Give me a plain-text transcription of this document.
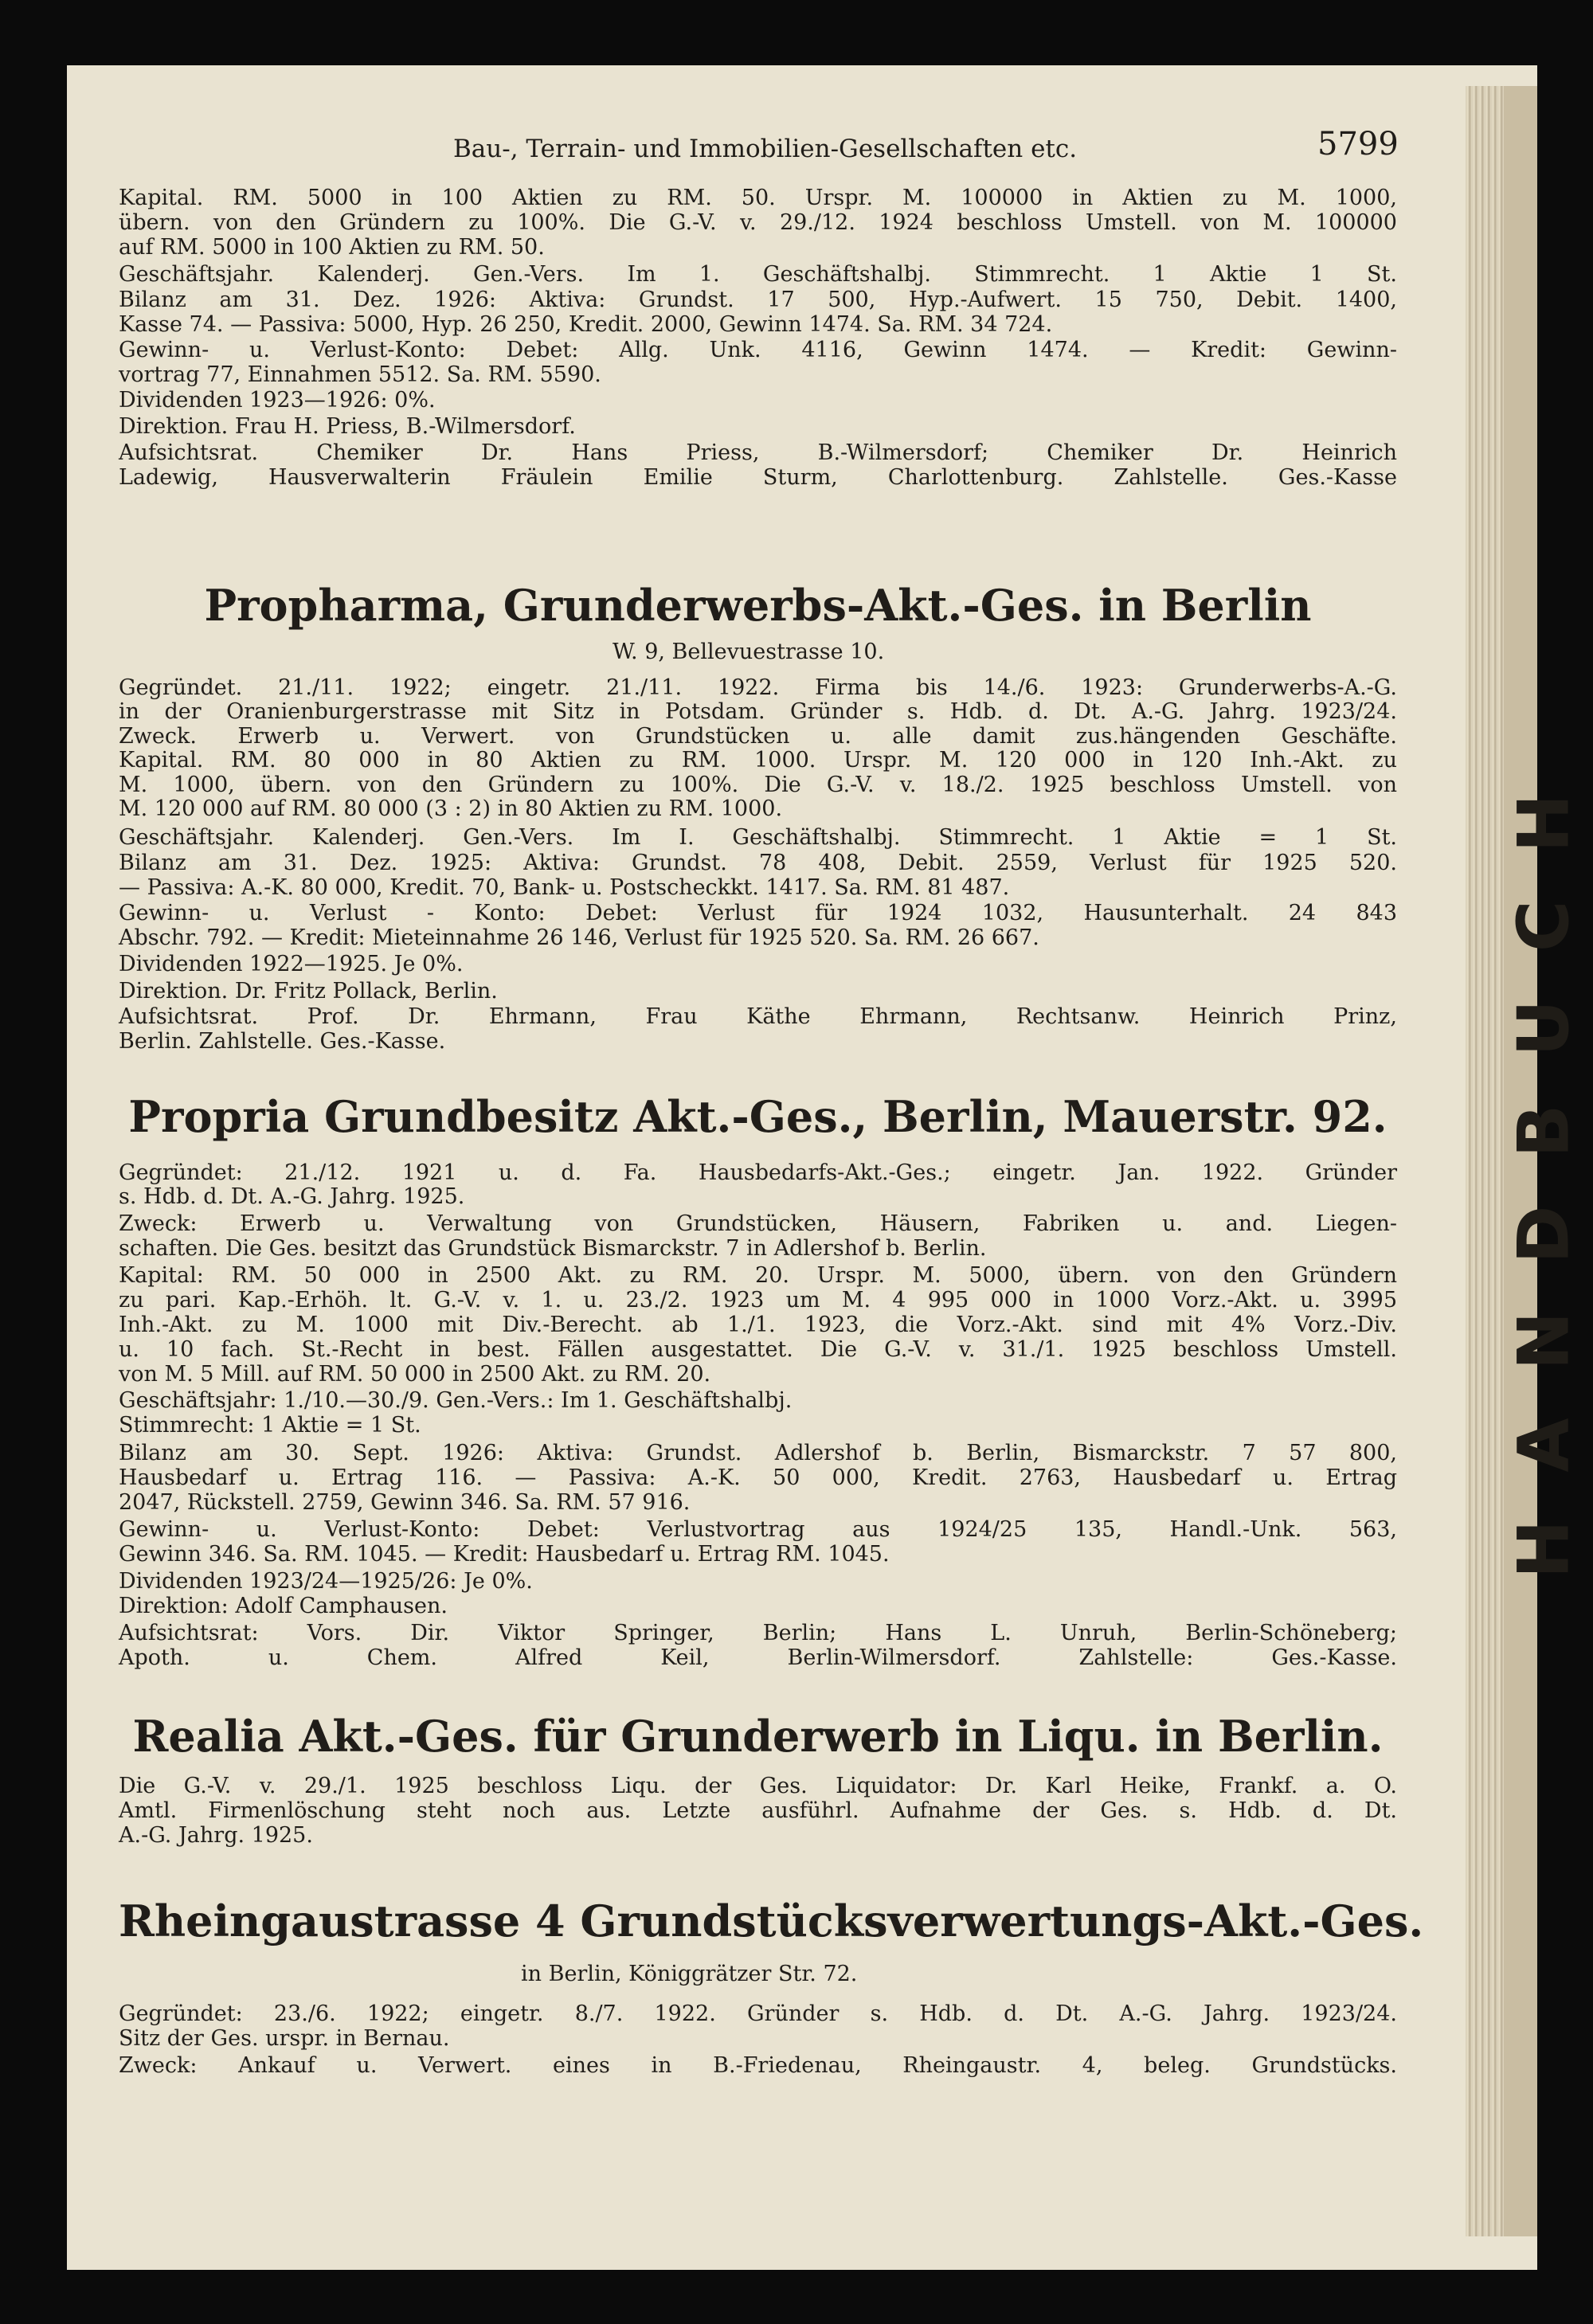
Bau-, Terrain- und Immobilien-Gesellschaften etc.	5799
Kapital. RM. 5000 in 100 Aktien zu RM. 50. Urspr. M. 100000 in Aktien zu M. 1000,
übern. von den Gründern zu 100%. Die G.-V. v. 29./12. 1924 beschloss Umstell. von M. 100000
auf RM. 5000 in 100 Aktien zu RM. 50.
Geschäftsjahr. Kalenderj. Gen.-Vers. Im 1. Geschäftshalbj. Stimmrecht. 1 Aktie 1 St.
Bilanz am 31. Dez. 1926: Aktiva: Grundst. 17 500, Hyp.-Aufwert. 15 750, Debit. 1400,
Kasse 74. — Passiva: 5000, Hyp. 26 250, Kredit. 2000, Gewinn 1474. Sa. RM. 34 724.
Gewinn- u. Verlust-Konto: Debet: Allg. Unk. 4116, Gewinn 1474. — Kredit: Gewinn-
vortrag 77, Einnahmen 5512. Sa. RM. 5590.
Dividenden 1923—1926: 0%.
Direktion. Frau H. Priess, B.-Wilmersdorf.
Aufsichtsrat. Chemiker Dr. Hans Priess, B.-Wilmersdorf; Chemiker Dr. Heinrich
Ladewig, Hausverwalterin Fräulein Emilie Sturm, Charlottenburg. Zahlstelle. Ges.-Kasse
Propharma, Grunderwerbs-Akt.-Ges. in Berlin
W. 9, Bellevuestrasse 10.
Gegründet. 21./11. 1922; eingetr. 21./11. 1922. Firma bis 14./6. 1923: Grunderwerbs-A.-G.
in der Oranienburgerstrasse mit Sitz in Potsdam. Gründer s. Hdb. d. Dt. A.-G. Jahrg. 1923/24.
Zweck. Erwerb u. Verwert. von Grundstücken u. alle damit zus.hängenden Geschäfte.
Kapital. RM. 80 000 in 80 Aktien zu RM. 1000. Urspr. M. 120 000 in 120 Inh.-Akt. zu
M. 1000, übern. von den Gründern zu 100%. Die G.-V. v. 18./2. 1925 beschloss Umstell. von
M. 120 000 auf RM. 80 000 (3 : 2) in 80 Aktien zu RM. 1000.
Geschäftsjahr. Kalenderj. Gen.-Vers. Im I. Geschäftshalbj. Stimmrecht. 1 Aktie = 1 St.
Bilanz am 31. Dez. 1925: Aktiva: Grundst. 78 408, Debit. 2559, Verlust für 1925 520.
— Passiva: A.-K. 80 000, Kredit. 70, Bank- u. Postscheckkt. 1417. Sa. RM. 81 487.
Gewinn- u. Verlust - Konto: Debet: Verlust für 1924 1032, Hausunterhalt. 24 843
Abschr. 792. — Kredit: Mieteinnahme 26 146, Verlust für 1925 520. Sa. RM. 26 667.
Dividenden 1922—1925. Je 0%.
Direktion. Dr. Fritz Pollack, Berlin.
Aufsichtsrat. Prof. Dr. Ehrmann, Frau Käthe Ehrmann, Rechtsanw. Heinrich Prinz,
Berlin. Zahlstelle. Ges.-Kasse.
Propria Grundbesitz Akt.-Ges., Berlin, Mauerstr. 92.
Gegründet: 21./12. 1921 u. d. Fa. Hausbedarfs-Akt.-Ges.; eingetr. Jan. 1922. Gründer
s. Hdb. d. Dt. A.-G. Jahrg. 1925.
Zweck: Erwerb u. Verwaltung von Grundstücken, Häusern, Fabriken u. and. Liegen-
schaften. Die Ges. besitzt das Grundstück Bismarckstr. 7 in Adlershof b. Berlin.
Kapital: RM. 50 000 in 2500 Akt. zu RM. 20. Urspr. M. 5000, übern. von den Gründern
zu pari. Kap.-Erhöh. lt. G.-V. v. 1. u. 23./2. 1923 um M. 4 995 000 in 1000 Vorz.-Akt. u. 3995
Inh.-Akt. zu M. 1000 mit Div.-Berecht. ab 1./1. 1923, die Vorz.-Akt. sind mit 4% Vorz.-Div.
u. 10 fach. St.-Recht in best. Fällen ausgestattet. Die G.-V. v. 31./1. 1925 beschloss Umstell.
von M. 5 Mill. auf RM. 50 000 in 2500 Akt. zu RM. 20.
Geschäftsjahr: 1./10.—30./9. Gen.-Vers.: Im 1. Geschäftshalbj.
Stimmrecht: 1 Aktie = 1 St.
Bilanz am 30. Sept. 1926: Aktiva: Grundst. Adlershof b. Berlin, Bismarckstr. 7 57 800,
Hausbedarf u. Ertrag 116. — Passiva: A.-K. 50 000, Kredit. 2763, Hausbedarf u. Ertrag
2047, Rückstell. 2759, Gewinn 346. Sa. RM. 57 916.
Gewinn- u. Verlust-Konto: Debet: Verlustvortrag aus 1924/25 135, Handl.-Unk. 563,
Gewinn 346. Sa. RM. 1045. — Kredit: Hausbedarf u. Ertrag RM. 1045.
Dividenden 1923/24—1925/26: Je 0%.
Direktion: Adolf Camphausen.
Aufsichtsrat: Vors. Dir. Viktor Springer, Berlin; Hans L. Unruh, Berlin-Schöneberg;
Apoth. u. Chem. Alfred Keil, Berlin-Wilmersdorf. Zahlstelle: Ges.-Kasse.
Realia Akt.-Ges. für Grunderwerb in Liqu. in Berlin.
Die G.-V. v. 29./1. 1925 beschloss Liqu. der Ges. Liquidator: Dr. Karl Heike, Frankf. a. O.
Amtl. Firmenlöschung steht noch aus. Letzte ausführl. Aufnahme der Ges. s. Hdb. d. Dt.
A.-G. Jahrg. 1925.
Rheingaustrasse 4 Grundstücksverwertungs-Akt.-Ges.
in Berlin, Königgrätzer Str. 72.
Gegründet: 23./6. 1922; eingetr. 8./7. 1922. Gründer s. Hdb. d. Dt. A.-G. Jahrg. 1923/24.
Sitz der Ges. urspr. in Bernau.
Zweck: Ankauf u. Verwert. eines in B.-Friedenau, Rheingaustr. 4, beleg. Grundstücks.
HANDBUCH
